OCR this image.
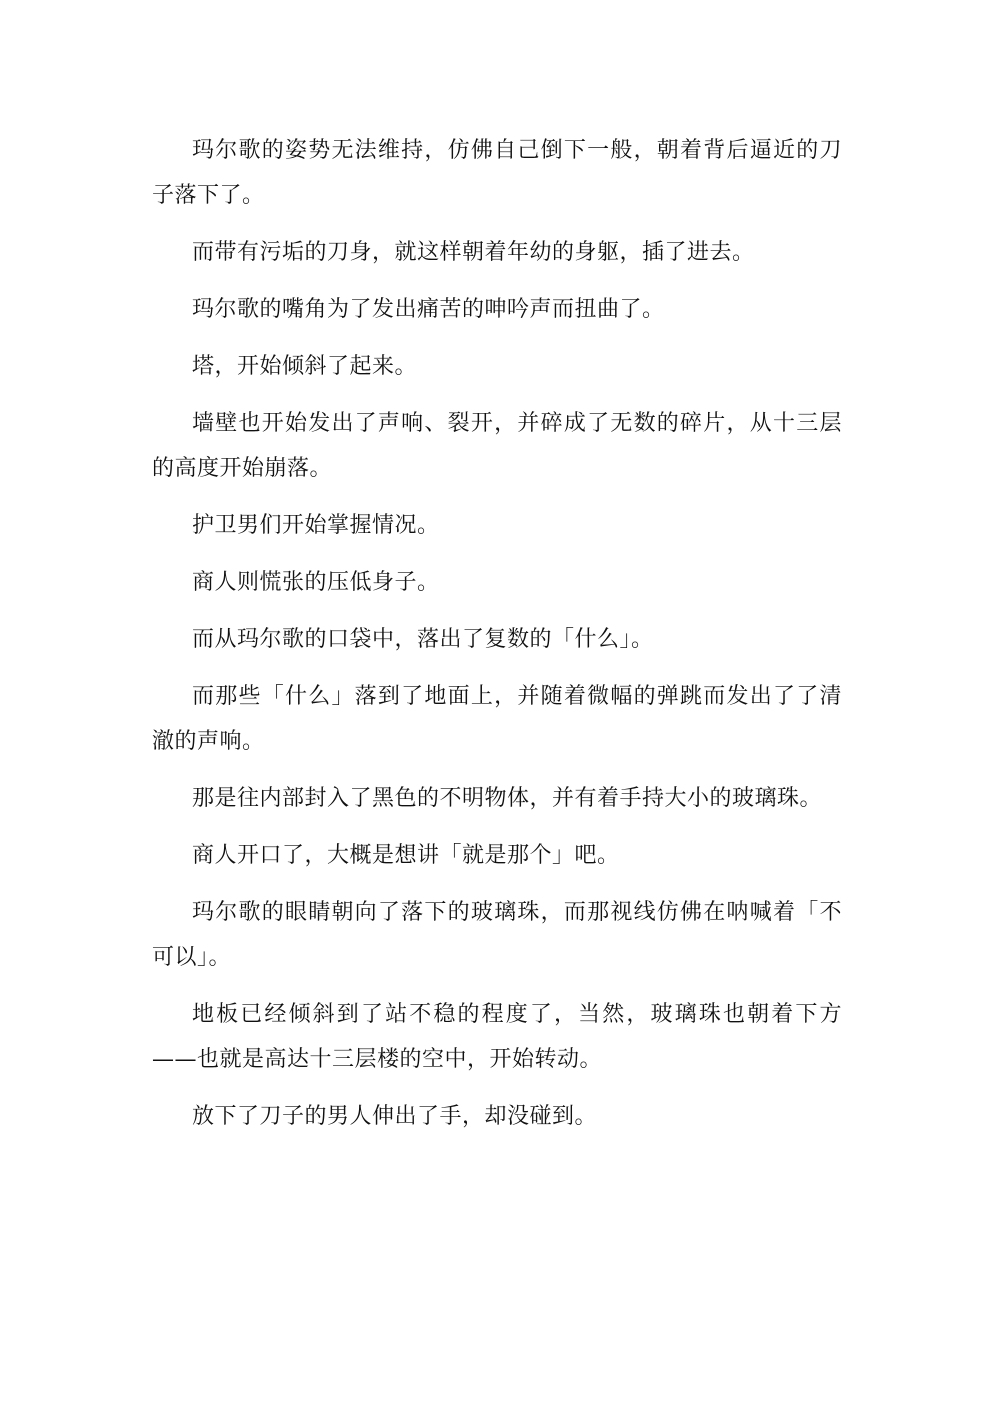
玛尔歌的姿势无法维持，仿佛自己倒下一般，朝着背后逼近的刀子落下了。

而带有污垢的刀身，就这样朝着年幼的身躯，插了进去。

玛尔歌的嘴角为了发出痛苦的呻吟声而扭曲了。

塔，开始倾斜了起来。

墙壁也开始发出了声响、裂开，并碎成了无数的碎片，从十三层的高度开始崩落。

护卫男们开始掌握情况。

商人则慌张的压低身子。

而从玛尔歌的口袋中，落出了复数的「什么」。

而那些「什么」落到了地面上，并随着微幅的弹跳而发出了了清澈的声响。

那是往内部封入了黑色的不明物体，并有着手持大小的玻璃珠。

商人开口了，大概是想讲「就是那个」吧。

玛尔歌的眼睛朝向了落下的玻璃珠，而那视线仿佛在呐喊着「不可以」。

地板已经倾斜到了站不稳的程度了，当然，玻璃珠也朝着下方——也就是高达十三层楼的空中，开始转动。

放下了刀子的男人伸出了手，却没碰到。
